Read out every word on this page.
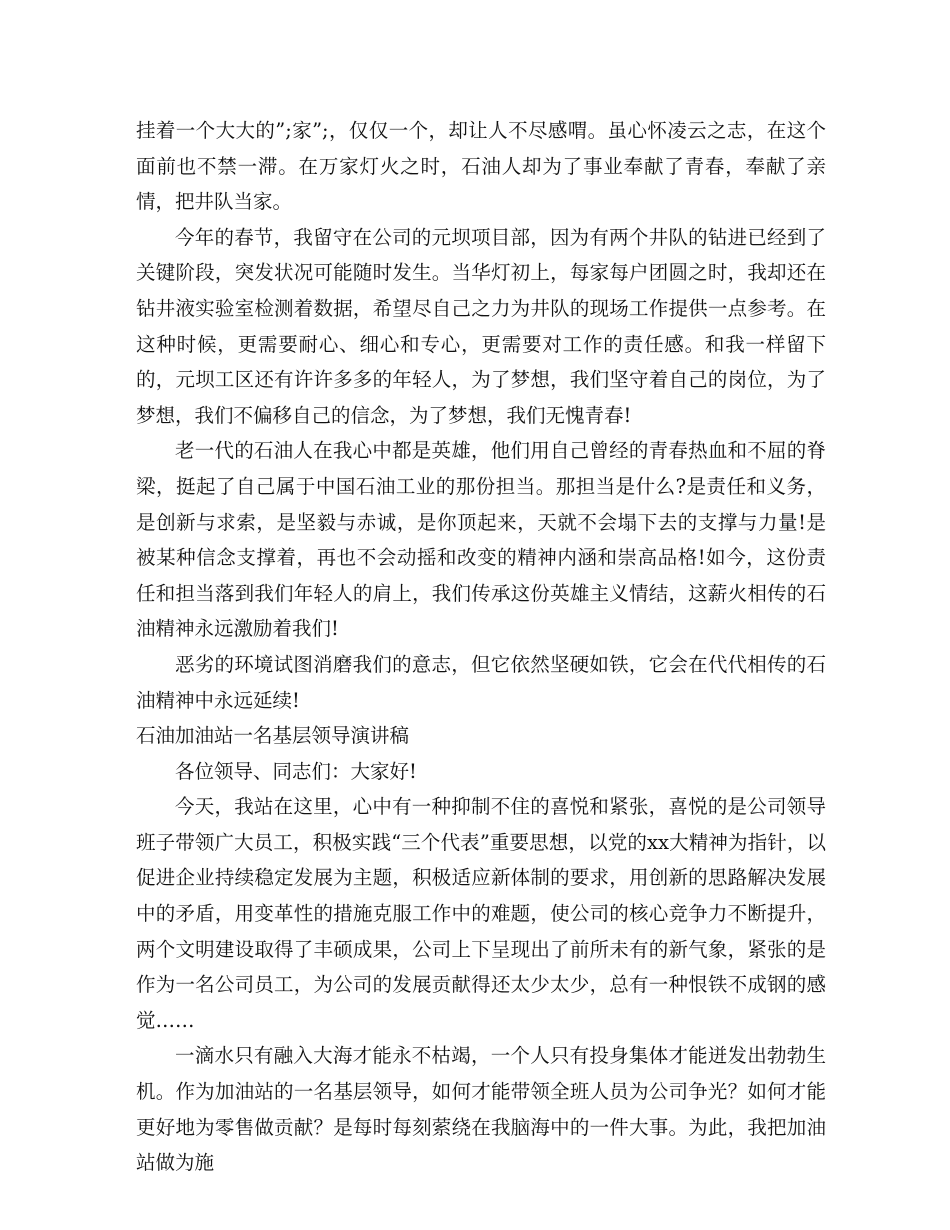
挂着一个大大的”;家”;，仅仅一个，却让人不尽感喟。虽心怀凌云之志，在这个面前也不禁一滞。在万家灯火之时，石油人却为了事业奉献了青春，奉献了亲情，把井队当家。

今年的春节，我留守在公司的元坝项目部，因为有两个井队的钻进已经到了关键阶段，突发状况可能随时发生。当华灯初上，每家每户团圆之时，我却还在钻井液实验室检测着数据，希望尽自己之力为井队的现场工作提供一点参考。在这种时候，更需要耐心、细心和专心，更需要对工作的责任感。和我一样留下的，元坝工区还有许许多多的年轻人，为了梦想，我们坚守着自己的岗位，为了梦想，我们不偏移自己的信念，为了梦想，我们无愧青春!

老一代的石油人在我心中都是英雄，他们用自己曾经的青春热血和不屈的脊梁，挺起了自己属于中国石油工业的那份担当。那担当是什么?是责任和义务，是创新与求索，是坚毅与赤诚，是你顶起来，天就不会塌下去的支撑与力量!是被某种信念支撑着，再也不会动摇和改变的精神内涵和崇高品格!如今，这份责任和担当落到我们年轻人的肩上，我们传承这份英雄主义情结，这薪火相传的石油精神永远激励着我们!

恶劣的环境试图消磨我们的意志，但它依然坚硬如铁，它会在代代相传的石油精神中永远延续!

石油加油站一名基层领导演讲稿

各位领导、同志们：大家好!

今天，我站在这里，心中有一种抑制不住的喜悦和紧张，喜悦的是公司领导班子带领广大员工，积极实践“三个代表”重要思想，以党的xx大精神为指针，以促进企业持续稳定发展为主题，积极适应新体制的要求，用创新的思路解决发展中的矛盾，用变革性的措施克服工作中的难题，使公司的核心竞争力不断提升，两个文明建设取得了丰硕成果，公司上下呈现出了前所未有的新气象，紧张的是作为一名公司员工，为公司的发展贡献得还太少太少，总有一种恨铁不成钢的感觉……

一滴水只有融入大海才能永不枯竭，一个人只有投身集体才能迸发出勃勃生机。作为加油站的一名基层领导，如何才能带领全班人员为公司争光？如何才能更好地为零售做贡献？是每时每刻萦绕在我脑海中的一件大事。为此，我把加油站做为施
